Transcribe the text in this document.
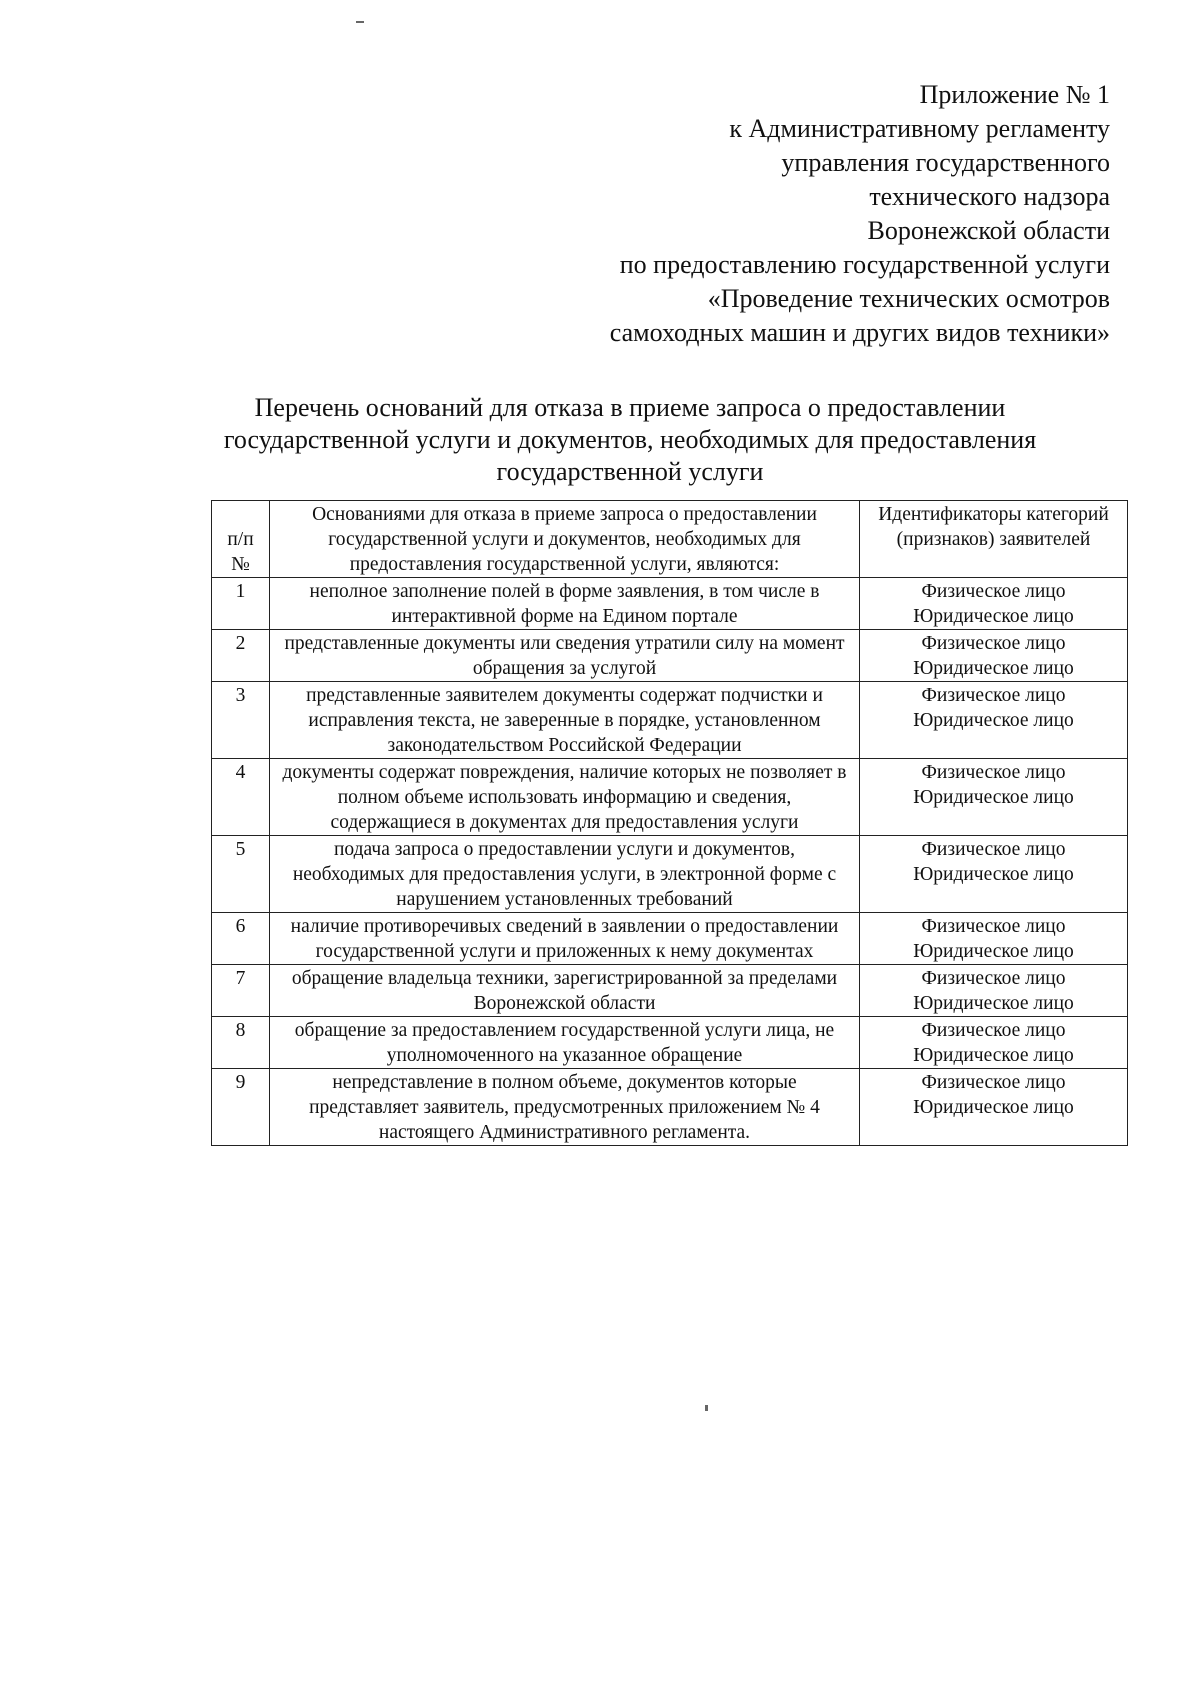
Приложение № 1
к Административному регламенту
управления государственного
технического надзора
Воронежской области
по предоставлению государственной услуги
«Проведение технических осмотров
самоходных машин и других видов техники»
Перечень оснований для отказа в приеме запроса о предоставлении
государственной услуги и документов, необходимых для предоставления
государственной услуги
п/п №	Основаниями для отказа в приеме запроса о предоставлении государственной услуги и документов, необходимых для предоставления государственной услуги, являются:	Идентификаторы категорий (признаков) заявителей
1	неполное заполнение полей в форме заявления, в том числе в интерактивной форме на Едином портале	Физическое лицо
Юридическое лицо

2	представленные документы или сведения утратили силу на момент обращения за услугой	Физическое лицо
Юридическое лицо

3	представленные заявителем документы содержат подчистки и исправления текста, не заверенные в порядке, установленном законодательством Российской Федерации	Физическое лицо
Юридическое лицо

4	документы содержат повреждения, наличие которых не позволяет в полном объеме использовать информацию и сведения, содержащиеся в документах для предоставления услуги	Физическое лицо
Юридическое лицо

5	подача запроса о предоставлении услуги и документов, необходимых для предоставления услуги, в электронной форме с нарушением установленных требований	Физическое лицо
Юридическое лицо

6	наличие противоречивых сведений в заявлении о предоставлении государственной услуги и приложенных к нему документах	Физическое лицо
Юридическое лицо

7	обращение владельца техники, зарегистрированной за пределами Воронежской области	Физическое лицо
Юридическое лицо

8	обращение за предоставлением государственной услуги лица, не уполномоченного на указанное обращение	Физическое лицо
Юридическое лицо

9	непредставление в полном объеме, документов которые представляет заявитель, предусмотренных приложением № 4 настоящего Административного регламента.	Физическое лицо
Юридическое лицо
